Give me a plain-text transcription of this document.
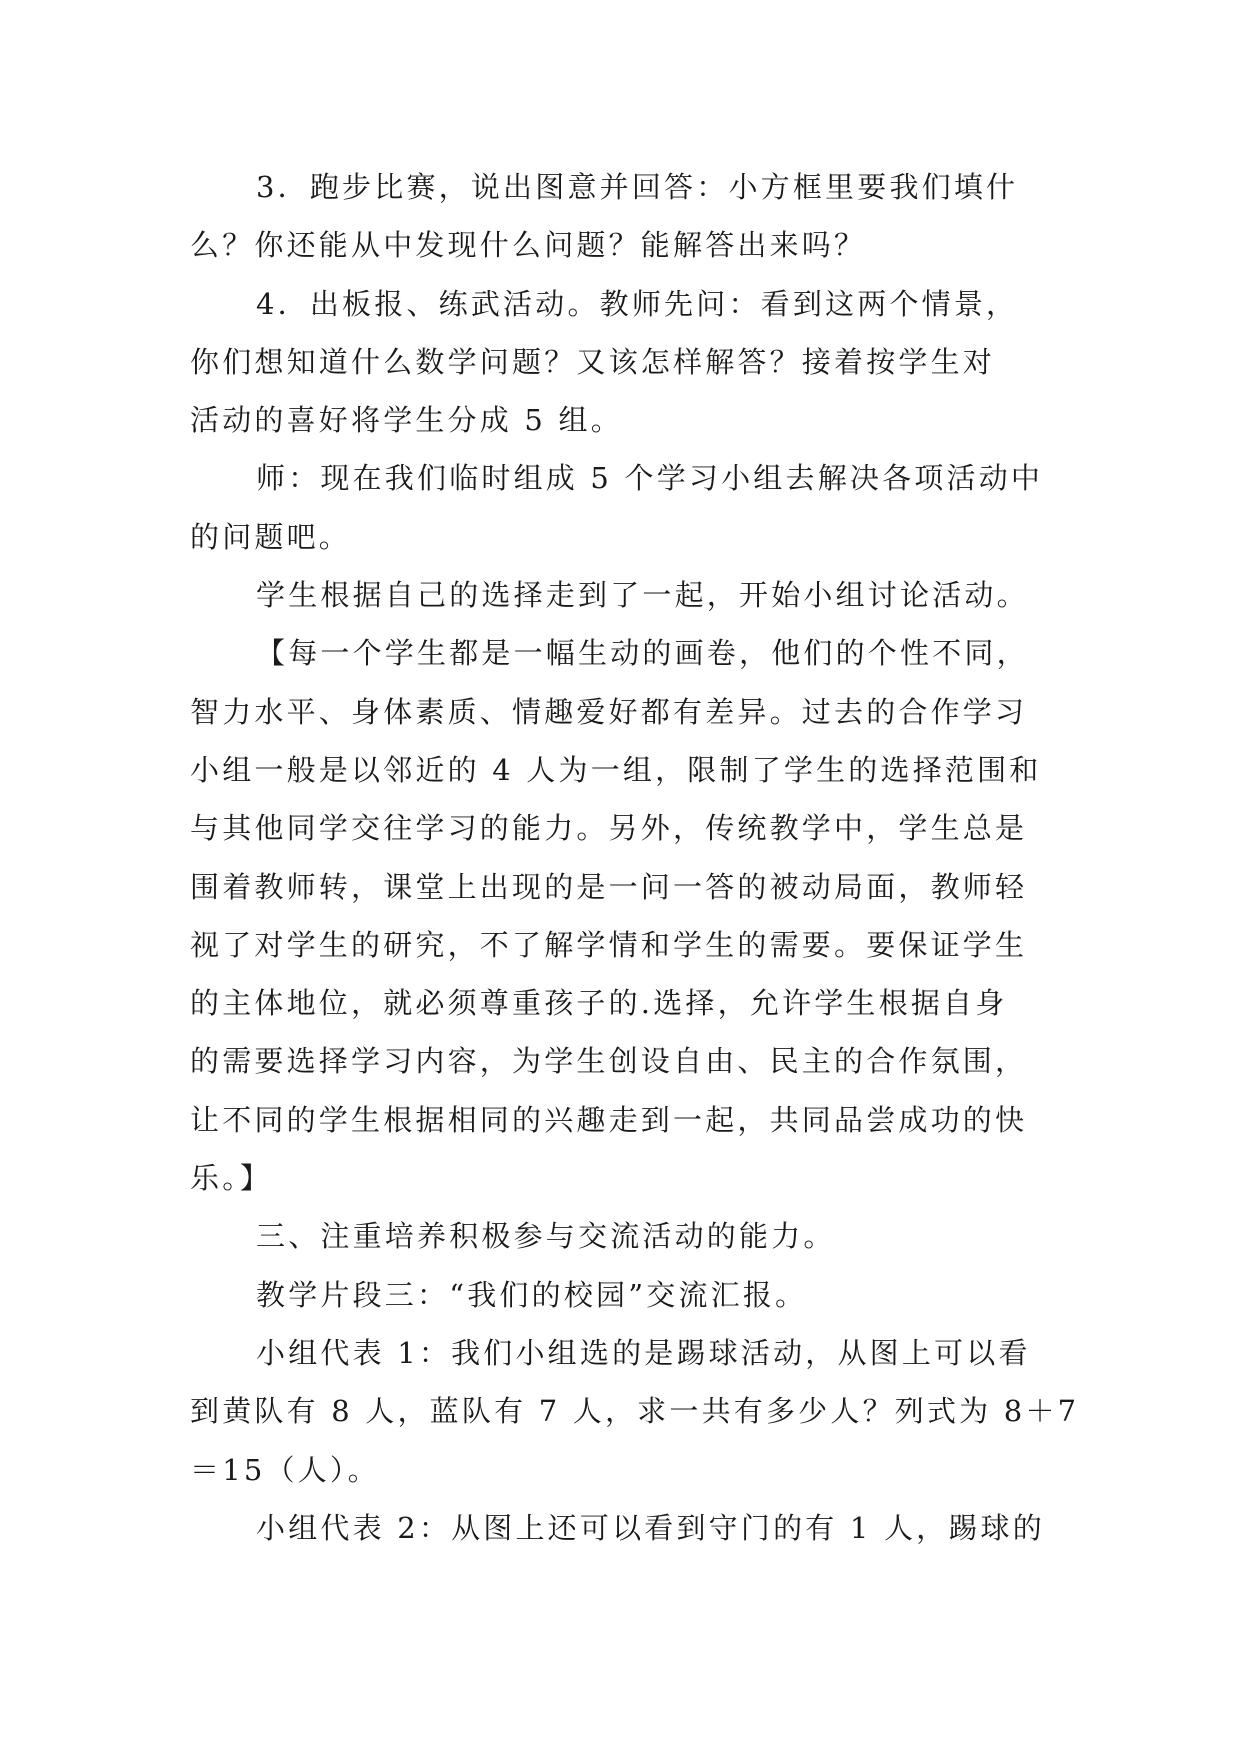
3．跑步比赛，说出图意并回答：小方框里要我们填什
么？你还能从中发现什么问题？能解答出来吗？
4．出板报、练武活动。教师先问：看到这两个情景，
你们想知道什么数学问题？又该怎样解答？接着按学生对
活动的喜好将学生分成 5 组。
师：现在我们临时组成 5 个学习小组去解决各项活动中
的问题吧。
学生根据自己的选择走到了一起，开始小组讨论活动。
【每一个学生都是一幅生动的画卷，他们的个性不同，
智力水平、身体素质、情趣爱好都有差异。过去的合作学习
小组一般是以邻近的 4 人为一组，限制了学生的选择范围和
与其他同学交往学习的能力。另外，传统教学中，学生总是
围着教师转，课堂上出现的是一问一答的被动局面，教师轻
视了对学生的研究，不了解学情和学生的需要。要保证学生
的主体地位，就必须尊重孩子的.选择，允许学生根据自身
的需要选择学习内容，为学生创设自由、民主的合作氛围，
让不同的学生根据相同的兴趣走到一起，共同品尝成功的快
乐。】
三、注重培养积极参与交流活动的能力。
教学片段三：“我们的校园”交流汇报。
小组代表 1：我们小组选的是踢球活动，从图上可以看
到黄队有 8 人，蓝队有 7 人，求一共有多少人？列式为 8＋7
＝15（人）。
小组代表 2：从图上还可以看到守门的有 1 人，踢球的
